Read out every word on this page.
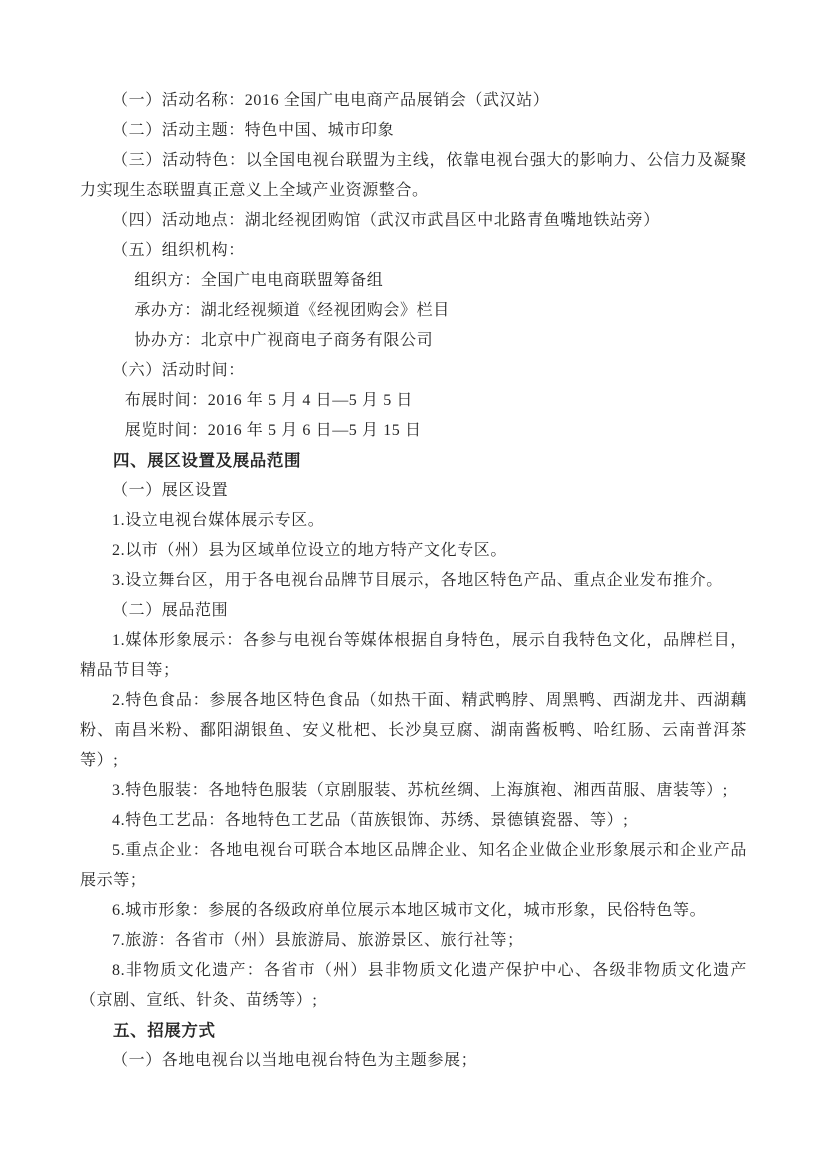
（一）活动名称：2016 全国广电电商产品展销会（武汉站）

（二）活动主题：特色中国、城市印象

（三）活动特色：以全国电视台联盟为主线，依靠电视台强大的影响力、公信力及凝聚力实现生态联盟真正意义上全域产业资源整合。

（四）活动地点：湖北经视团购馆（武汉市武昌区中北路青鱼嘴地铁站旁）

（五）组织机构：

组织方：全国广电电商联盟筹备组

承办方：湖北经视频道《经视团购会》栏目

协办方：北京中广视商电子商务有限公司

（六）活动时间：

布展时间：2016 年 5 月 4 日—5 月 5 日

展览时间：2016 年 5 月 6 日—5 月 15 日

四、展区设置及展品范围

（一）展区设置

1.设立电视台媒体展示专区。

2.以市（州）县为区域单位设立的地方特产文化专区。

3.设立舞台区，用于各电视台品牌节目展示，各地区特色产品、重点企业发布推介。

（二）展品范围

1.媒体形象展示：各参与电视台等媒体根据自身特色，展示自我特色文化，品牌栏目，精品节目等；

2.特色食品：参展各地区特色食品（如热干面、精武鸭脖、周黑鸭、西湖龙井、西湖藕粉、南昌米粉、鄱阳湖银鱼、安义枇杷、长沙臭豆腐、湖南酱板鸭、哈红肠、云南普洱茶等）;

3.特色服装：各地特色服装（京剧服装、苏杭丝绸、上海旗袍、湘西苗服、唐装等）;

4.特色工艺品：各地特色工艺品（苗族银饰、苏绣、景德镇瓷器、等）;

5.重点企业：各地电视台可联合本地区品牌企业、知名企业做企业形象展示和企业产品展示等；

6.城市形象：参展的各级政府单位展示本地区城市文化，城市形象，民俗特色等。

7.旅游：各省市（州）县旅游局、旅游景区、旅行社等；

8.非物质文化遗产：各省市（州）县非物质文化遗产保护中心、各级非物质文化遗产（京剧、宣纸、针灸、苗绣等）;

五、招展方式

（一）各地电视台以当地电视台特色为主题参展；
